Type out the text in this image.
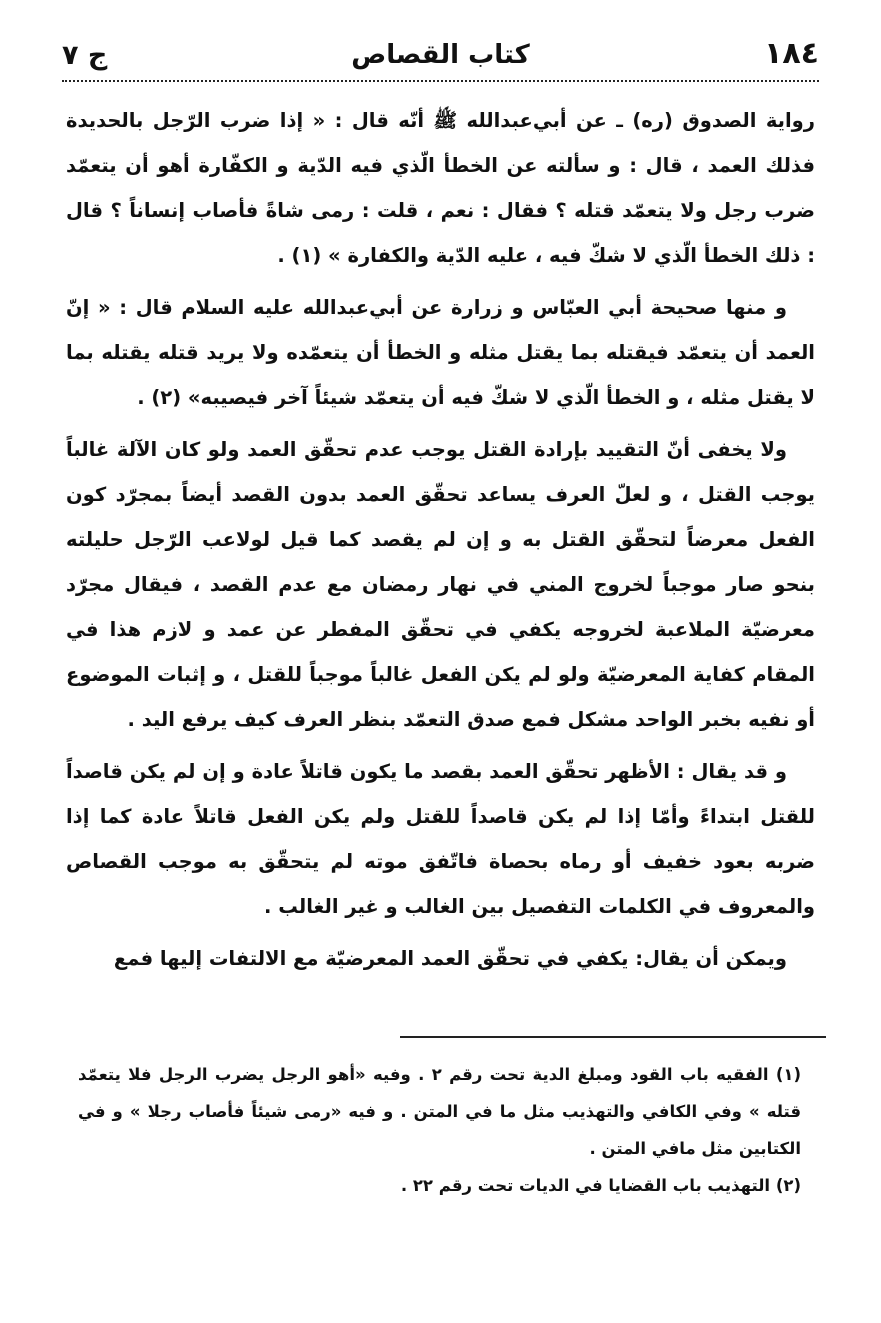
١٨٤
كتاب القصاص
ج ٧

رواية الصدوق (ره) ـ عن أبي‌عبدالله ﷺ أنّه قال : « إذا ضرب الرّجل بالحديدة فذلك العمد ، قال : و سألته عن الخطأ الّذي فيه الدّية و الكفّارة أهو أن يتعمّد ضرب رجل ولا يتعمّد قتله ؟ فقال : نعم ، قلت : رمى شاةً فأصاب إنساناً ؟ قال : ذلك الخطأ الّذي لا شكّ فيه ، عليه الدّية والكفارة » (١) .

و منها صحيحة أبي العبّاس و زرارة عن أبي‌عبدالله عليه السلام قال : « إنّ العمد أن يتعمّد فيقتله بما يقتل مثله و الخطأ أن يتعمّده ولا يريد قتله يقتله بما لا يقتل مثله ، و الخطأ الّذي لا شكّ فيه أن يتعمّد شيئاً آخر فيصيبه» (٢) .

ولا يخفى أنّ التقييد بإرادة القتل يوجب عدم تحقّق العمد ولو كان الآلة غالباً يوجب القتل ، و لعلّ العرف يساعد تحقّق العمد بدون القصد أيضاً بمجرّد كون الفعل معرضاً لتحقّق القتل به و إن لم يقصد كما قيل لولاعب الرّجل حليلته بنحو صار موجباً لخروج المني في نهار رمضان مع عدم القصد ، فيقال مجرّد معرضيّة الملاعبة لخروجه يكفي في تحقّق المفطر عن عمد و لازم هذا في المقام كفاية المعرضيّة ولو لم يكن الفعل غالباً موجباً للقتل ، و إثبات الموضوع أو نفيه بخبر الواحد مشكل فمع صدق التعمّد بنظر العرف كيف يرفع اليد .

و قد يقال : الأظهر تحقّق العمد بقصد ما يكون قاتلاً عادة و إن لم يكن قاصداً للقتل ابتداءً وأمّا إذا لم يكن قاصداً للقتل ولم يكن الفعل قاتلاً عادة كما إذا ضربه بعود خفيف أو رماه بحصاة فاتّفق موته لم يتحقّق به موجب القصاص والمعروف في الكلمات التفصيل بين الغالب و غير الغالب .

ويمكن أن يقال: يكفي في تحقّق العمد المعرضيّة مع الالتفات إليها فمع

(١) الفقيه باب القود ومبلغ الدية تحت رقم ٢ . وفيه «أهو الرجل يضرب الرجل فلا يتعمّد قتله » وفي الكافي والتهذيب مثل ما في المتن . و فيه «رمى شيئاً فأصاب رجلا » و في الكتابين مثل مافي المتن .

(٢) التهذيب باب القضايا في الديات تحت رقم ٢٢ .
